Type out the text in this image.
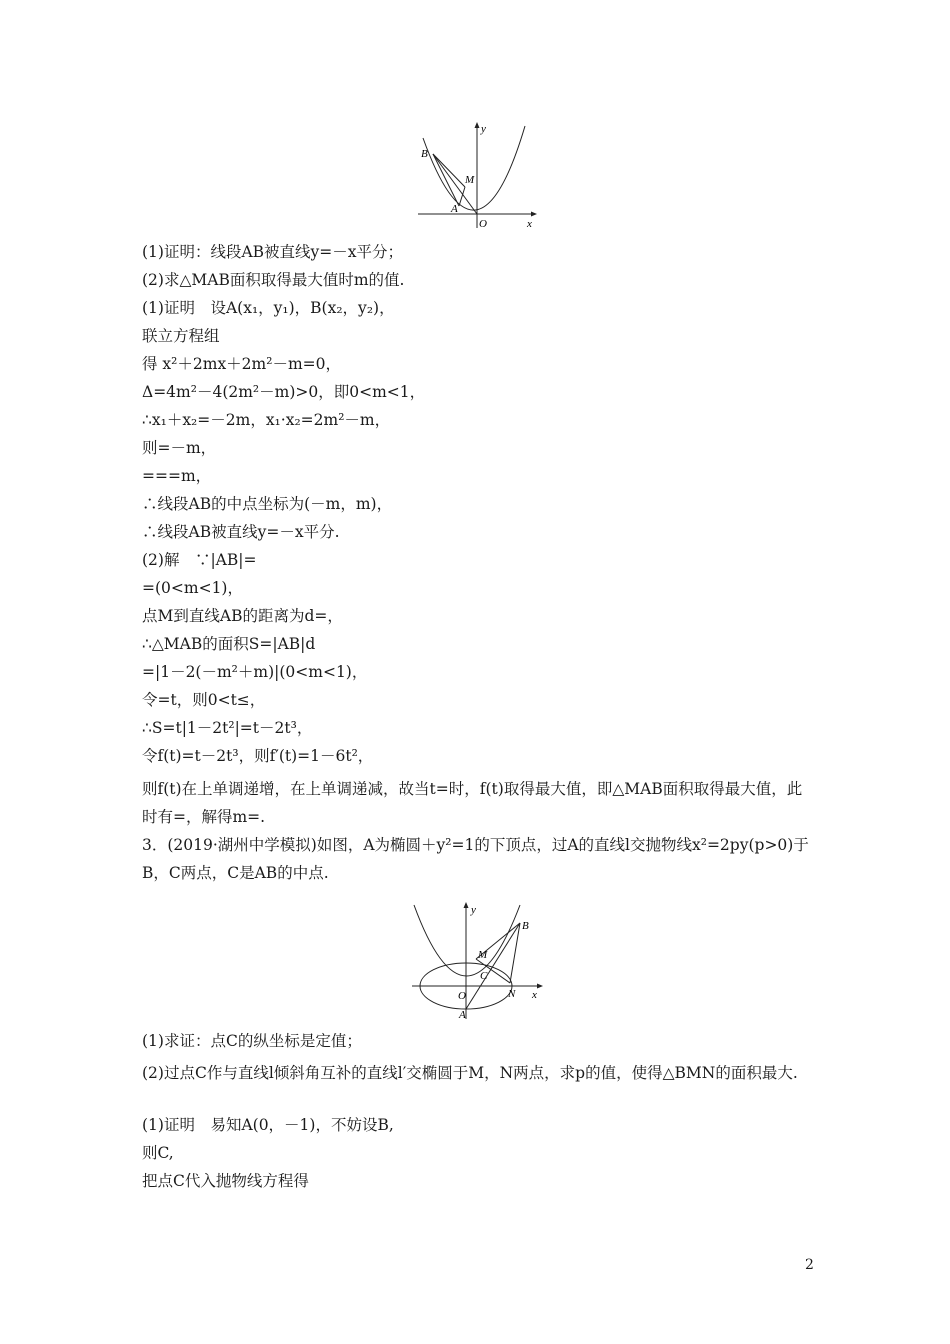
y
x
O
B
M
A
(1)证明：线段AB被直线y=－x平分；
(2)求△MAB面积取得最大值时m的值.
(1)证明　设A(x₁，y₁)，B(x₂，y₂)，
联立方程组
得 x²＋2mx＋2m²－m=0，
Δ=4m²－4(2m²－m)>0，即0<m<1，
∴x₁＋x₂=－2m，x₁·x₂=2m²－m，
则=－m，
===m，
∴线段AB的中点坐标为(－m，m)，
∴线段AB被直线y=－x平分.
(2)解　∵|AB|=
=(0<m<1)，
点M到直线AB的距离为d=，
∴△MAB的面积S=|AB|d
=|1－2(－m²＋m)|(0<m<1)，
令=t，则0<t≤，
∴S=t|1－2t²|=t－2t³，
令f(t)=t－2t³，则f′(t)=1－6t²，
则f(t)在上单调递增，在上单调递减，故当t=时，f(t)取得最大值，即△MAB面积取得最大值，此时有=，解得m=.
3．(2019·湖州中学模拟)如图，A为椭圆＋y²=1的下顶点，过A的直线l交抛物线x²=2py(p>0)于B，C两点，C是AB的中点.
y
x
O
B
M
C
N
A
(1)求证：点C的纵坐标是定值；
(2)过点C作与直线l倾斜角互补的直线l′交椭圆于M，N两点，求p的值，使得△BMN的面积最大.
(1)证明　易知A(0，－1)，不妨设B,
则C,
把点C代入抛物线方程得
2
